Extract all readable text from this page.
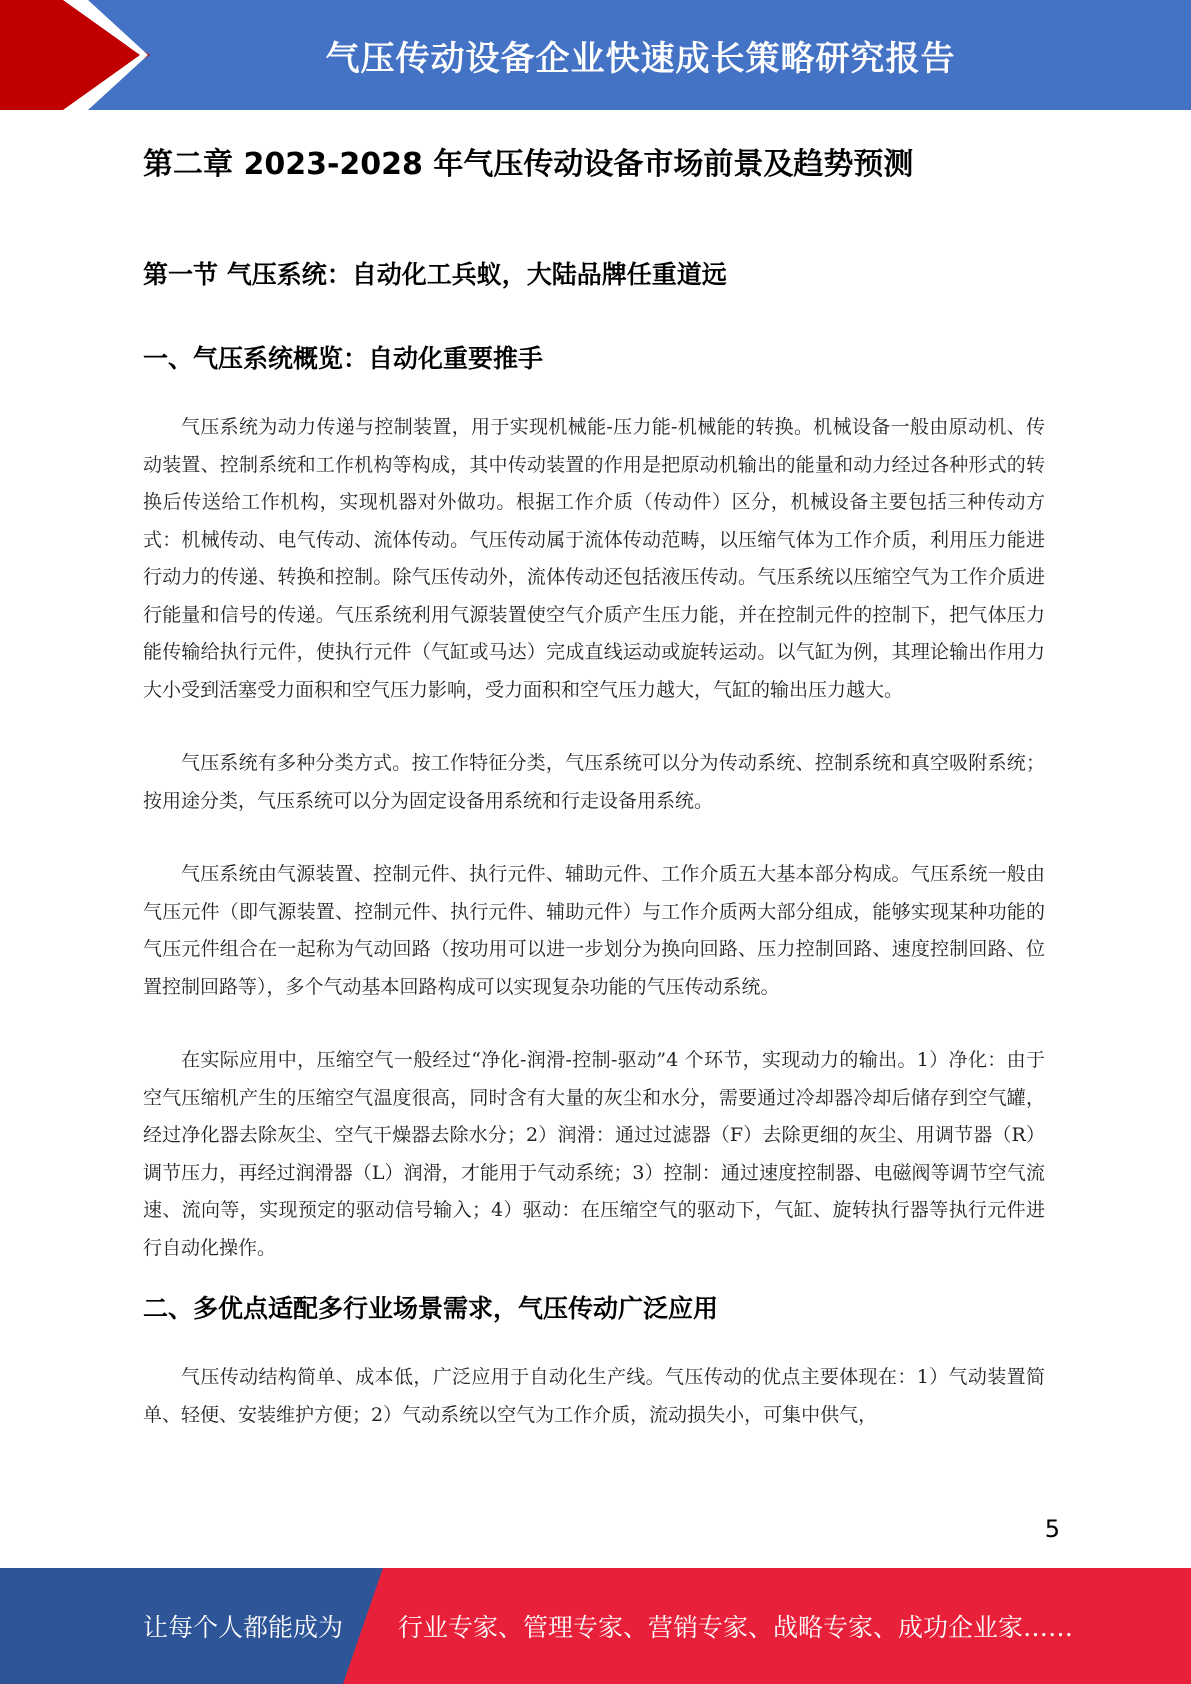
气压传动设备企业快速成长策略研究报告
第二章 2023-2028 年气压传动设备市场前景及趋势预测
第一节 气压系统：自动化工兵蚁，大陆品牌任重道远
一、气压系统概览：自动化重要推手

气压系统为动力传递与控制装置，用于实现机械能-压力能-机械能的转换。机械设备一般由原动机、传动装置、控制系统和工作机构等构成，其中传动装置的作用是把原动机输出的能量和动力经过各种形式的转换后传送给工作机构，实现机器对外做功。根据工作介质（传动件）区分，机械设备主要包括三种传动方式：机械传动、电气传动、流体传动。气压传动属于流体传动范畴，以压缩气体为工作介质，利用压力能进行动力的传递、转换和控制。除气压传动外，流体传动还包括液压传动。气压系统以压缩空气为工作介质进行能量和信号的传递。气压系统利用气源装置使空气介质产生压力能，并在控制元件的控制下，把气体压力能传输给执行元件，使执行元件（气缸或马达）完成直线运动或旋转运动。以气缸为例，其理论输出作用力大小受到活塞受力面积和空气压力影响，受力面积和空气压力越大，气缸的输出压力越大。

气压系统有多种分类方式。按工作特征分类，气压系统可以分为传动系统、控制系统和真空吸附系统；按用途分类，气压系统可以分为固定设备用系统和行走设备用系统。

气压系统由气源装置、控制元件、执行元件、辅助元件、工作介质五大基本部分构成。气压系统一般由气压元件（即气源装置、控制元件、执行元件、辅助元件）与工作介质两大部分组成，能够实现某种功能的气压元件组合在一起称为气动回路（按功用可以进一步划分为换向回路、压力控制回路、速度控制回路、位置控制回路等），多个气动基本回路构成可以实现复杂功能的气压传动系统。

在实际应用中，压缩空气一般经过“净化-润滑-控制-驱动”4 个环节，实现动力的输出。1）净化：由于空气压缩机产生的压缩空气温度很高，同时含有大量的灰尘和水分，需要通过冷却器冷却后储存到空气罐，经过净化器去除灰尘、空气干燥器去除水分；2）润滑：通过过滤器（F）去除更细的灰尘、用调节器（R）调节压力，再经过润滑器（L）润滑，才能用于气动系统；3）控制：通过速度控制器、电磁阀等调节空气流速、流向等，实现预定的驱动信号输入；4）驱动：在压缩空气的驱动下，气缸、旋转执行器等执行元件进行自动化操作。

二、多优点适配多行业场景需求，气压传动广泛应用

气压传动结构简单、成本低，广泛应用于自动化生产线。气压传动的优点主要体现在：1）气动装置简单、轻便、安装维护方便；2）气动系统以空气为工作介质，流动损失小，可集中供气，

5
让每个人都能成为 行业专家、管理专家、营销专家、战略专家、成功企业家……
